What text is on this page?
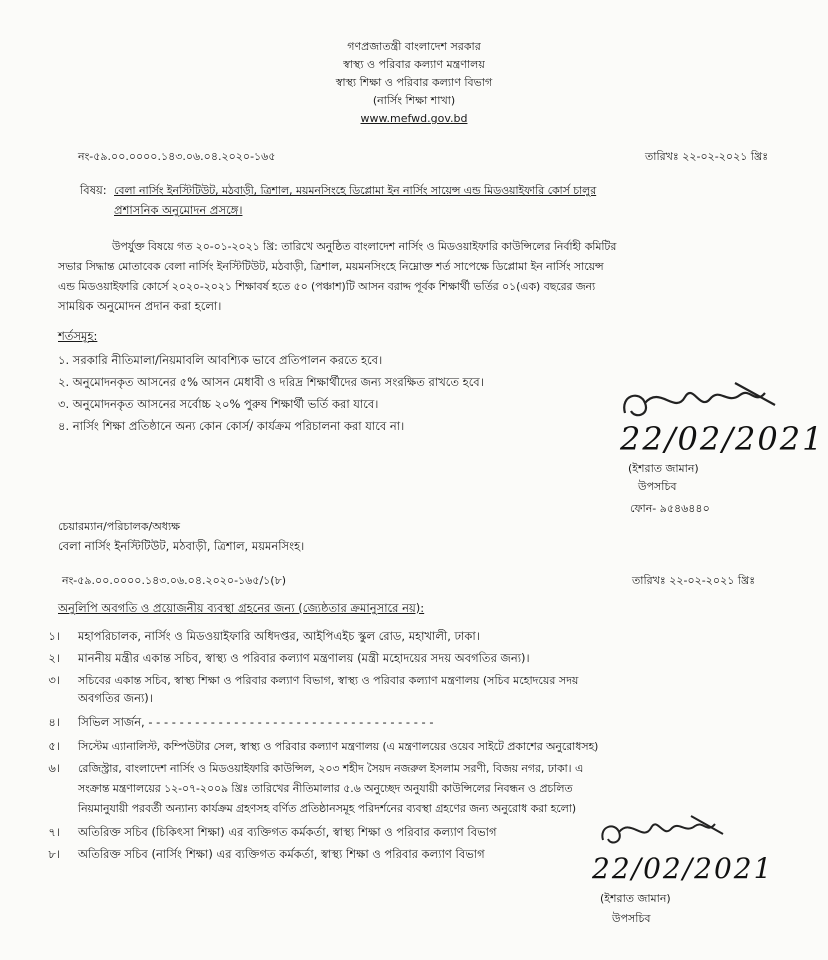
গণপ্রজাতন্ত্রী বাংলাদেশ সরকার
স্বাস্থ্য ও পরিবার কল্যাণ মন্ত্রণালয়
স্বাস্থ্য শিক্ষা ও পরিবার কল্যাণ বিভাগ
(নার্সিং শিক্ষা শাখা)
www.mefwd.gov.bd
নং-৫৯.০০.০০০০.১৪৩.০৬.০৪.২০২০-১৬৫	তারিখঃ ২২-০২-২০২১ খ্রিঃ
বিষয়: বেলা নার্সিং ইনস্টিটিউট, মঠবাড়ী, ত্রিশাল, ময়মনসিংহে ডিপ্লোমা ইন নার্সিং সায়েন্স এন্ড মিডওয়াইফারি কোর্স চালুর
প্রশাসনিক অনুমোদন প্রসঙ্গে।
উপর্যুক্ত বিষয়ে গত ২০-০১-২০২১ খ্রি: তারিখে অনুষ্ঠিত বাংলাদেশ নার্সিং ও মিডওয়াইফারি কাউন্সিলের নির্বাহী কমিটির
সভার সিদ্ধান্ত মোতাবেক বেলা নার্সিং ইনস্টিটিউট, মঠবাড়ী, ত্রিশাল, ময়মনসিংহে নিম্নোক্ত শর্ত সাপেক্ষে ডিপ্লোমা ইন নার্সিং সায়েন্স
এন্ড মিডওয়াইফারি কোর্সে ২০২০-২০২১ শিক্ষাবর্ষ হতে ৫০ (পঞ্চাশ)টি আসন বরাদ্দ পূর্বক শিক্ষার্থী ভর্তির ০১(এক) বছরের জন্য
সাময়িক অনুমোদন প্রদান করা হলো।
শর্তসমূহ:
১. সরকারি নীতিমালা/নিয়মাবলি আবশ্যিক ভাবে প্রতিপালন করতে হবে।
২. অনুমোদনকৃত আসনের ৫% আসন মেধাবী ও দরিদ্র শিক্ষার্থীদের জন্য সংরক্ষিত রাখতে হবে।
৩. অনুমোদনকৃত আসনের সর্বোচ্চ ২০% পুরুষ শিক্ষার্থী ভর্তি করা যাবে।
৪. নার্সিং শিক্ষা প্রতিষ্ঠানে অন্য কোন কোর্স/ কার্যক্রম পরিচালনা করা যাবে না।	22/02/2021
(ইশরাত জামান)
উপসচিব
ফোন- ৯৫৪৬৪৪০
চেয়ারম্যান/পরিচালক/অধ্যক্ষ
বেলা নার্সিং ইনস্টিটিউট, মঠবাড়ী, ত্রিশাল, ময়মনসিংহ।
নং-৫৯.০০.০০০০.১৪৩.০৬.০৪.২০২০-১৬৫/১(৮)	তারিখঃ ২২-০২-২০২১ খ্রিঃ
অনুলিপি অবগতি ও প্রয়োজনীয় ব্যবস্থা গ্রহনের জন্য (জ্যেষ্ঠতার ক্রমানুসারে নয়):
১। মহাপরিচালক, নার্সিং ও মিডওয়াইফারি অধিদপ্তর, আইপিএইচ স্কুল রোড, মহাখালী, ঢাকা।
২। মাননীয় মন্ত্রীর একান্ত সচিব, স্বাস্থ্য ও পরিবার কল্যাণ মন্ত্রণালয় (মন্ত্রী মহোদয়ের সদয় অবগতির জন্য)।
৩। সচিবের একান্ত সচিব, স্বাস্থ্য শিক্ষা ও পরিবার কল্যাণ বিভাগ, স্বাস্থ্য ও পরিবার কল্যাণ মন্ত্রণালয় (সচিব মহোদয়ের সদয়
অবগতির জন্য)।
৪। সিভিল সার্জন, - - - - - - - - - - - - - - - - - - - - - - - - - - - - - - - - - - - - -
৫। সিস্টেম এ্যানালিস্ট, কম্পিউটার সেল, স্বাস্থ্য ও পরিবার কল্যাণ মন্ত্রণালয় (এ মন্ত্রণালয়ের ওয়েব সাইটে প্রকাশের অনুরোধসহ)
৬। রেজিস্ট্রার, বাংলাদেশ নার্সিং ও মিডওয়াইফারি কাউন্সিল, ২০৩ শহীদ সৈয়দ নজরুল ইসলাম সরণী, বিজয় নগর, ঢাকা। এ
সংক্রান্ত মন্ত্রণালয়ের ১২-০৭-২০০৯ খ্রিঃ তারিখের নীতিমালার ৫.৬ অনুচ্ছেদ অনুযায়ী কাউন্সিলের নিবন্ধন ও প্রচলিত
নিয়মানুযায়ী পরবর্তী অন্যান্য কার্যক্রম গ্রহণসহ বর্ণিত প্রতিষ্ঠানসমূহ পরিদর্শনের ব্যবস্থা গ্রহণের জন্য অনুরোধ করা হলো)
৭। অতিরিক্ত সচিব (চিকিৎসা শিক্ষা) এর ব্যক্তিগত কর্মকর্তা, স্বাস্থ্য শিক্ষা ও পরিবার কল্যাণ বিভাগ
৮। অতিরিক্ত সচিব (নার্সিং শিক্ষা) এর ব্যক্তিগত কর্মকর্তা, স্বাস্থ্য শিক্ষা ও পরিবার কল্যাণ বিভাগ	22/02/2021
(ইশরাত জামান)
উপসচিব
